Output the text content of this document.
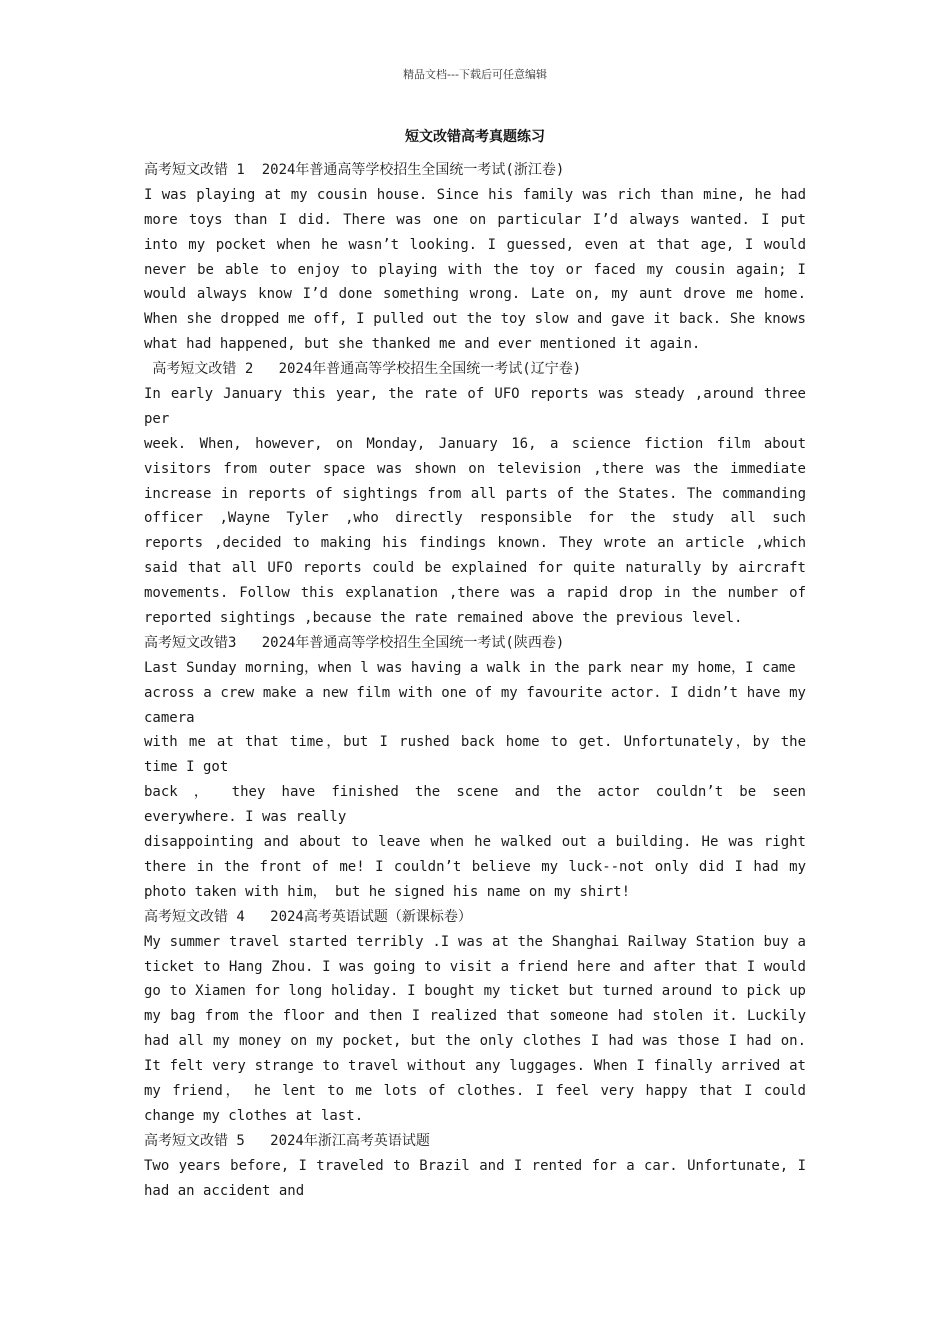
精品文档---下载后可任意编辑
短文改错高考真题练习
高考短文改错 1  2024年普通高等学校招生全国统一考试(浙江卷)
I was playing at my cousin house. Since his family was rich than mine, he had
more toys than I did. There was one on particular I’d always wanted. I put
into my pocket when he wasn’t looking. I guessed, even at that age, I would
never be able to enjoy to playing with the toy or faced my cousin again; I
would always know I’d done something wrong. Late on, my aunt drove me home.
When she dropped me off, I pulled out the toy slow and gave it back. She knows
what had happened, but she thanked me and ever mentioned it again.
高考短文改错 2   2024年普通高等学校招生全国统一考试(辽宁卷)
In early January this year, the rate of UFO reports was steady ,around three
per
week. When, however, on Monday, January 16, a science fiction film about
visitors from outer space was shown on television ,there was the immediate
increase in reports of sightings from all parts of the States. The commanding
officer ,Wayne Tyler ,who directly responsible for the study all such
reports ,decided to making his findings known. They wrote an article ,which
said that all UFO reports could be explained for quite naturally by aircraft
movements. Follow this explanation ,there was a rapid drop in the number of
reported sightings ,because the rate remained above the previous level.
高考短文改错3   2024年普通高等学校招生全国统一考试(陕西卷)
Last Sunday morning，when l was having a walk in the park near my home，I came
across a crew make a new film with one of my favourite actor. I didn’t have my
camera
with me at that time，but I rushed back home to get. Unfortunately，by the
time I got
back ， they have finished the scene and the actor couldn’t be seen
everywhere. I was really
disappointing and about to leave when he walked out a building. He was right
there in the front of me! I couldn’t believe my luck--not only did I had my
photo taken with him， but he signed his name on my shirt!
高考短文改错 4   2024高考英语试题（新课标卷）
My summer travel started terribly .I was at the Shanghai Railway Station buy a
ticket to Hang Zhou. I was going to visit a friend here and after that I would
go to Xiamen for long holiday. I bought my ticket but turned around to pick up
my bag from the floor and then I realized that someone had stolen it. Luckily
had all my money on my pocket, but the only clothes I had was those I had on.
It felt very strange to travel without any luggages. When I finally arrived at
my friend， he lent to me lots of clothes. I feel very happy that I could
change my clothes at last.
高考短文改错 5   2024年浙江高考英语试题
Two years before, I traveled to Brazil and I rented for a car. Unfortunate, I
had an accident and
